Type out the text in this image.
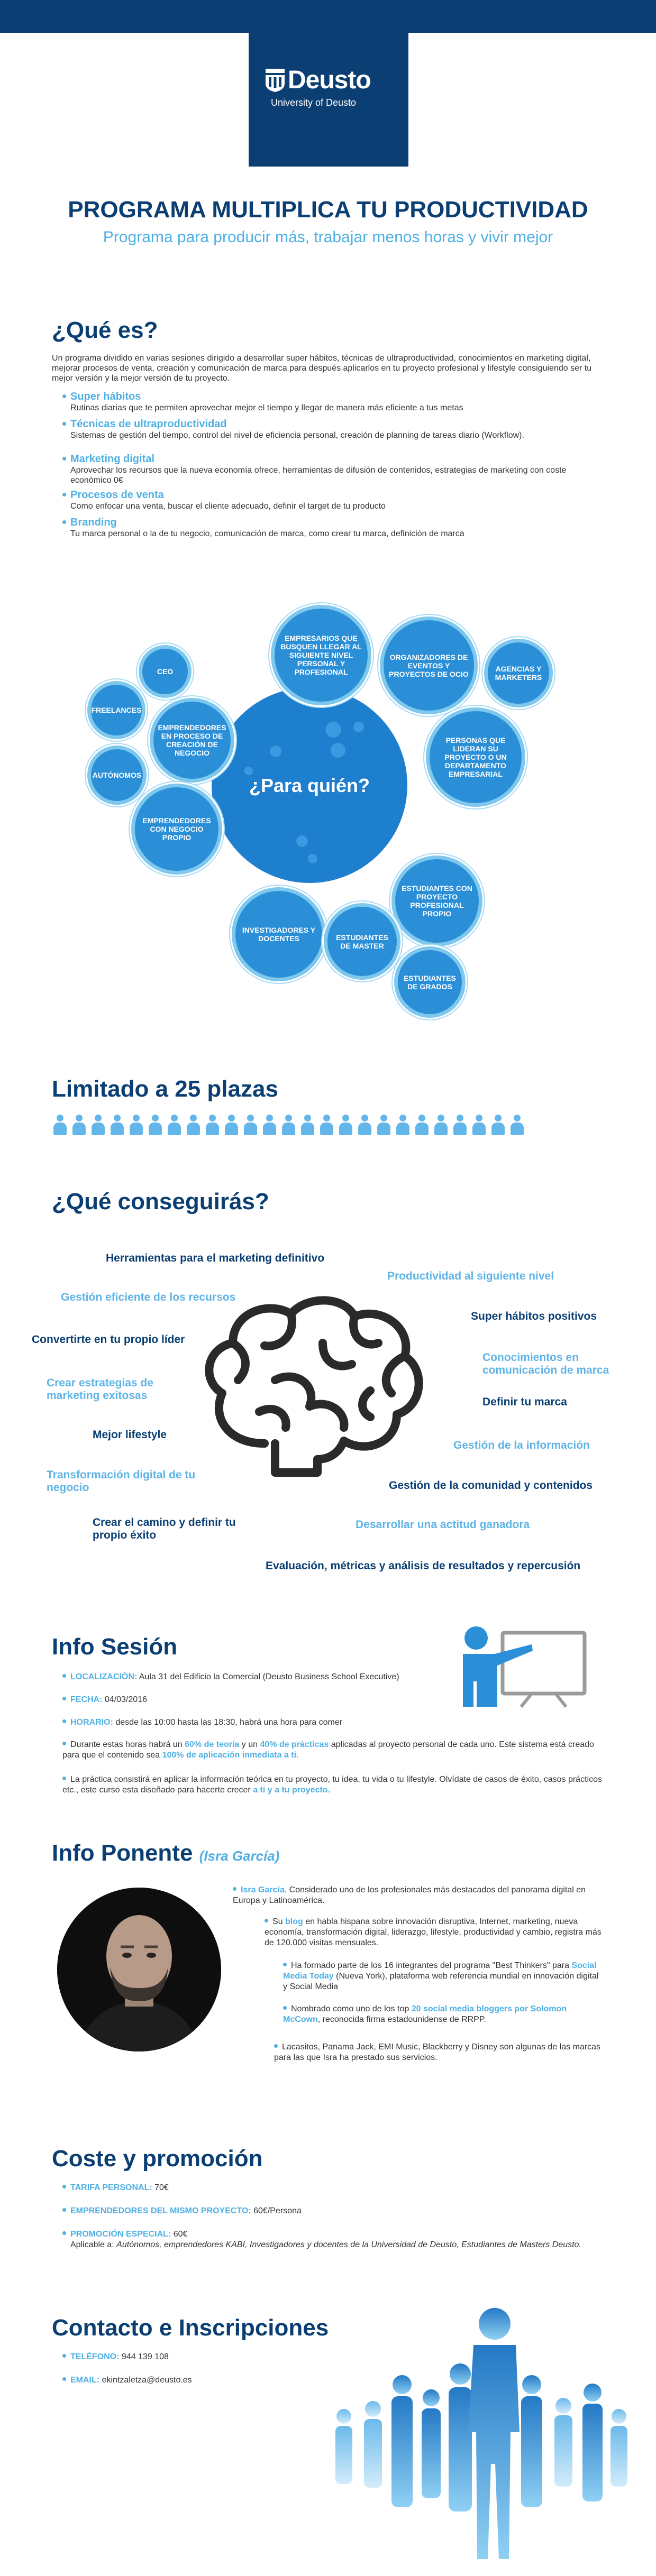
Deusto
University of Deusto
PROGRAMA MULTIPLICA TU PRODUCTIVIDAD
Programa para producir más, trabajar menos horas y vivir mejor
¿Qué es?
Un programa dividido en varias sesiones dirigido a desarrollar super hábitos, técnicas de ultraproductividad, conocimientos en marketing digital, mejorar procesos de venta, creación y comunicación de marca para después aplicarlos en tu proyecto profesional y lifestyle consiguiendo ser tu mejor versión y la mejor versión de tu proyecto.
Super hábitos
Rutinas diarias que te permiten aprovechar mejor el tiempo y llegar de manera más eficiente a tus metas
Técnicas de ultraproductividad
Sistemas de gestión del tiempo, control del nivel de eficiencia personal, creación de planning de tareas diario (Workflow).
Marketing digital
Aprovechar los recursos que la nueva economía ofrece, herramientas de difusión de contenidos, estrategias de marketing con coste económico 0€
Procesos de venta
Como enfocar una venta, buscar el cliente adecuado, definir el target de tu producto
Branding
Tu marca personal o la de tu negocio, comunicación de marca, como crear tu marca, definición de marca
¿Para quién?
CEO
FREELANCES
AUTÓNOMOS
EMPRENDEDORES EN PROCESO DE CREACIÓN DE NEGOCIO
EMPRENDEDORES CON NEGOCIO PROPIO
EMPRESARIOS QUE BUSQUEN LLEGAR AL SIGUIENTE NIVEL PERSONAL Y PROFESIONAL
ORGANIZADORES DE EVENTOS Y PROYECTOS DE OCIO
AGENCIAS Y MARKETERS
PERSONAS QUE LIDERAN SU PROYECTO O UN DEPARTAMENTO EMPRESARIAL
ESTUDIANTES CON PROYECTO PROFESIONAL PROPIO
INVESTIGADORES Y DOCENTES	ESTUDIANTES DE MASTER
ESTUDIANTES DE GRADOS
Limitado a 25 plazas
¿Qué conseguirás?
Herramientas para el marketing definitivo
Productividad al siguiente nivel
Gestión eficiente de los recursos
Super hábitos positivos
Convertirte en tu propio líder
Conocimientos en comunicación de marca
Crear estrategias de marketing exitosas
Definir tu marca
Mejor lifestyle
Gestión de la información
Transformación digital de tu negocio	Gestión de la comunidad y contenidos
Crear el camino y definir tu propio éxito
Desarrollar una actitud ganadora
Evaluación, métricas y análisis de resultados y repercusión
Info Sesión
LOCALIZACIÓN: Aula 31 del Edificio la Comercial (Deusto Business School Executive)
FECHA: 04/03/2016
HORARIO: desde las 10:00 hasta las 18:30, habrá una hora para comer
Durante estas horas habrá un 60% de teoría y un 40% de prácticas aplicadas al proyecto personal de cada uno. Este sistema está creado para que el contenido sea 100% de aplicación inmediata a ti.
La práctica consistirá en aplicar la información teórica en tu proyecto, tu idea, tu vida o tu lifestyle. Olvídate de casos de éxito, casos prácticos etc., este curso esta diseñado para hacerte crecer a ti y a tu proyecto.
Info Ponente (Isra García)
Isra García. Considerado uno de los profesionales más destacados del panorama digital en Europa y Latinoamérica.
Su blog en habla hispana sobre innovación disruptiva, Internet, marketing, nueva economía, transformación digital, liderazgo, lifestyle, productividad y cambio, registra más de 120.000 visitas mensuales.
Ha formado parte de los 16 integrantes del programa "Best Thinkers" para Social Media Today (Nueva York), plataforma web referencia mundial en innovación digital y Social Media
Nombrado como uno de los top 20 social media bloggers por Solomon McCown, reconocida firma estadounidense de RRPP.
Lacasitos, Panama Jack, EMI Music, Blackberry y Disney son algunas de las marcas para las que Isra ha prestado sus servicios.
Coste y promoción
TARIFA PERSONAL: 70€
EMPRENDEDORES DEL MISMO PROYECTO: 60€/Persona
PROMOCIÓN ESPECIAL: 60€
Aplicable a: Autónomos, emprendedores KABI, Investigadores y docentes de la Universidad de Deusto, Estudiantes de Masters Deusto.
Contacto e Inscripciones
TELÉFONO: 944 139 108
EMAIL: ekintzaletza@deusto.es
